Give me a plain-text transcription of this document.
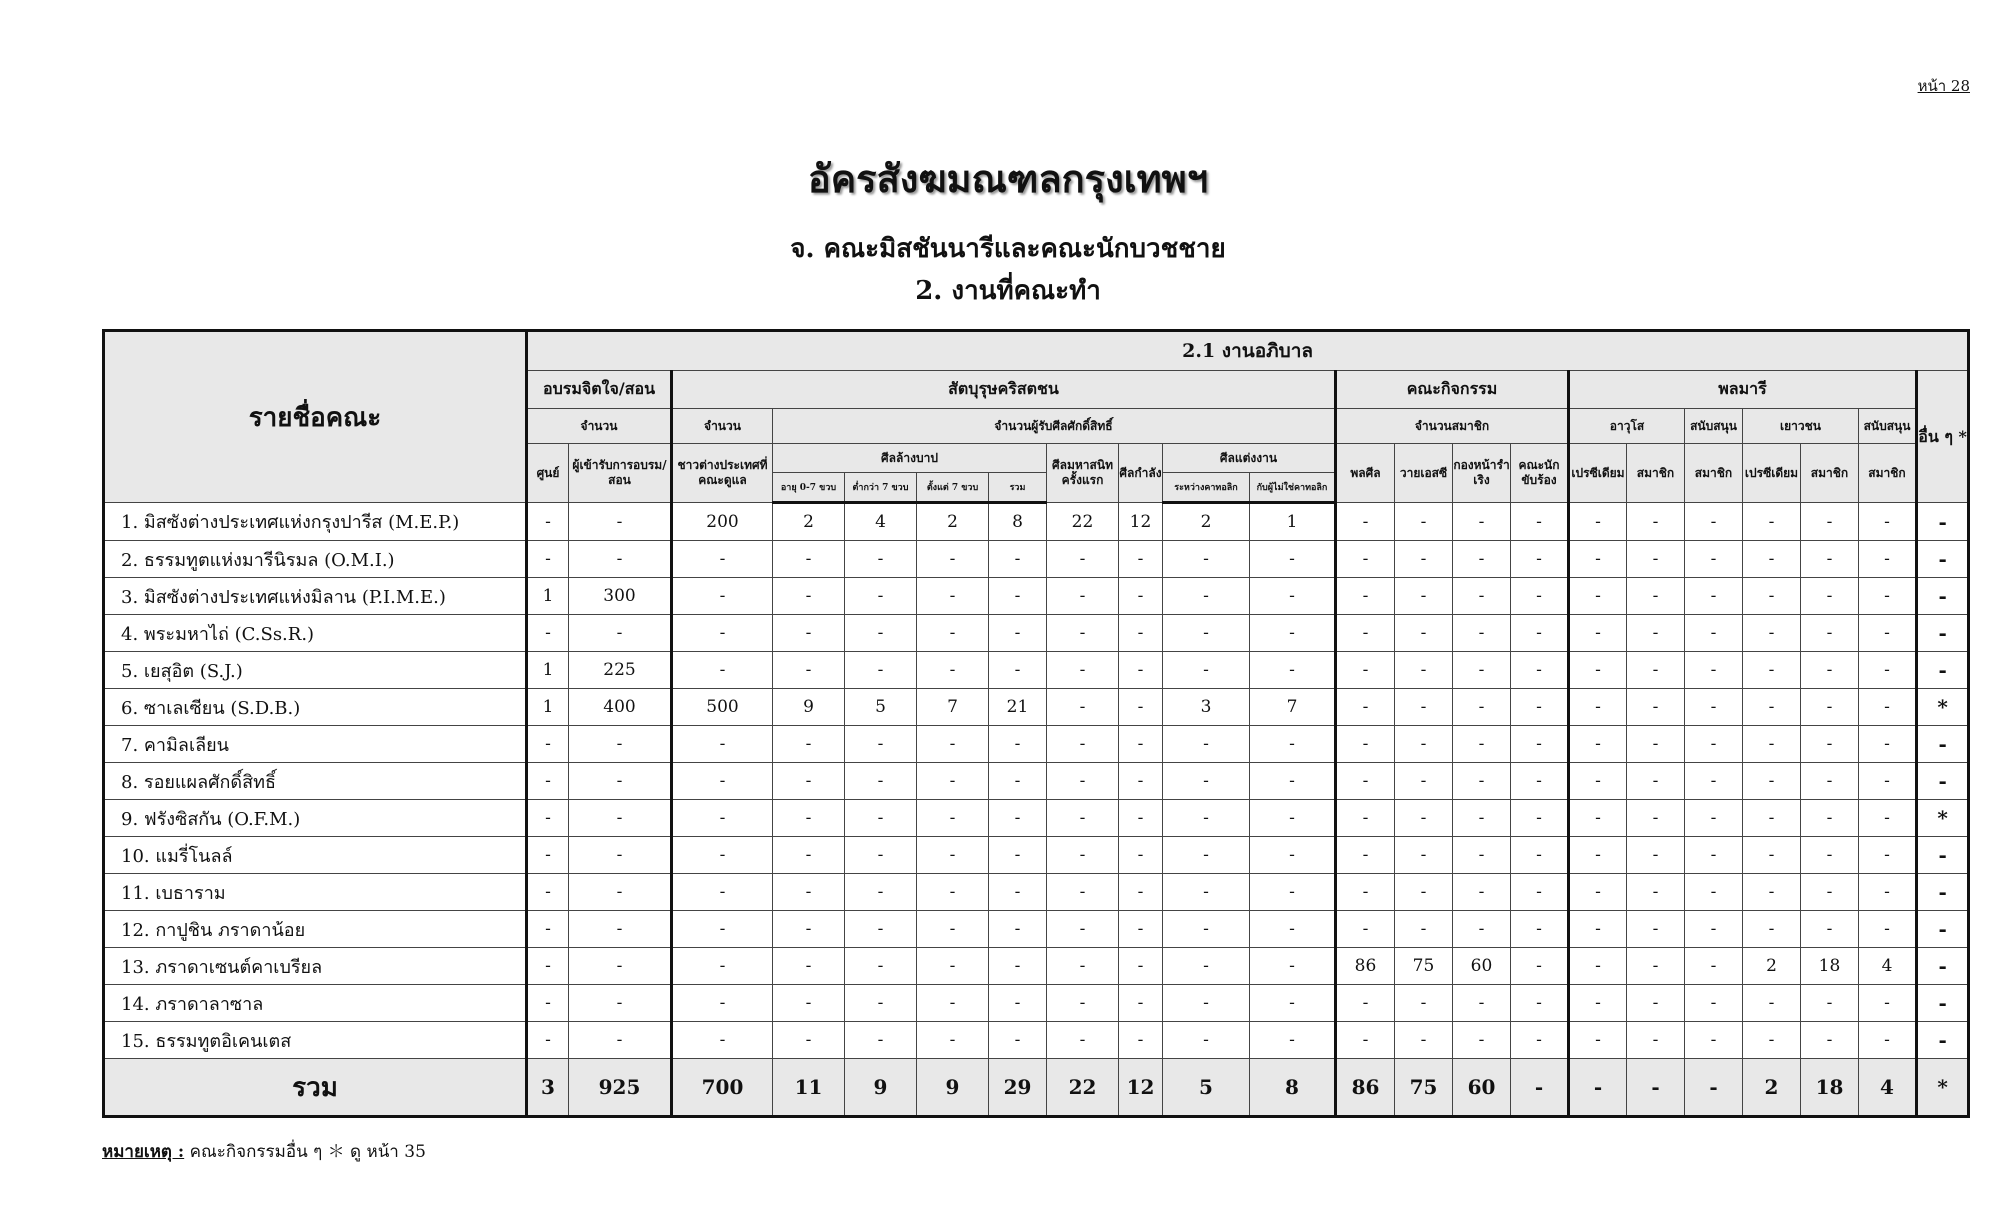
หน้า 28
อัครสังฆมณฑลกรุงเทพฯ
จ. คณะมิสชันนารีและคณะนักบวชชาย
2. งานที่คณะทำ
รายชื่อคณะ	2.1 งานอภิบาล																					
	อบรมจิตใจ/สอน		สัตบุรุษคริสตชน									คณะกิจกรรม				พลมารี						อื่น ๆ *
	จำนวน		จำนวน	จำนวนผู้รับศีลศักดิ์สิทธิ์								จำนวนสมาชิก				อาวุโส		สนับสนุน	เยาวชน		สนับสนุน	
	ศูนย์	ผู้เข้ารับการอบรม/สอน	ชาวต่างประเทศที่คณะดูแล	ศีลล้างบาป				ศีลมหาสนิทครั้งแรก	ศีลกำลัง	ศีลแต่งงาน		พลศีล	วายเอสซี	กองหน้ารำเริง	คณะนักขับร้อง	เปรซีเดียม	สมาชิก	สมาชิก	เปรซีเดียม	สมาชิก	สมาชิก	
				อายุ 0-7 ขวบ	ต่ำกว่า 7 ขวบ	ตั้งแต่ 7 ขวบ	รวม			ระหว่างคาทอลิก	กับผู้ไม่ใช่คาทอลิก											
1. มิสซังต่างประเทศแห่งกรุงปารีส (M.E.P.)	-	-	200	2	4	2	8	22	12	2	1	-	-	-	-	-	-	-	-	-	-	-
2. ธรรมทูตแห่งมารีนิรมล (O.M.I.)	-	-	-	-	-	-	-	-	-	-	-	-	-	-	-	-	-	-	-	-	-	-
3. มิสซังต่างประเทศแห่งมิลาน (P.I.M.E.)	1	300	-	-	-	-	-	-	-	-	-	-	-	-	-	-	-	-	-	-	-	-
4. พระมหาไถ่ (C.Ss.R.)	-	-	-	-	-	-	-	-	-	-	-	-	-	-	-	-	-	-	-	-	-	-
5. เยสุอิต (S.J.)	1	225	-	-	-	-	-	-	-	-	-	-	-	-	-	-	-	-	-	-	-	-
6. ซาเลเซียน (S.D.B.)	1	400	500	9	5	7	21	-	-	3	7	-	-	-	-	-	-	-	-	-	-	*
7. คามิลเลียน	-	-	-	-	-	-	-	-	-	-	-	-	-	-	-	-	-	-	-	-	-	-
8. รอยแผลศักดิ์สิทธิ์	-	-	-	-	-	-	-	-	-	-	-	-	-	-	-	-	-	-	-	-	-	-
9. ฟรังซิสกัน (O.F.M.)	-	-	-	-	-	-	-	-	-	-	-	-	-	-	-	-	-	-	-	-	-	*
10. แมรี่โนลล์	-	-	-	-	-	-	-	-	-	-	-	-	-	-	-	-	-	-	-	-	-	-
11. เบธาราม	-	-	-	-	-	-	-	-	-	-	-	-	-	-	-	-	-	-	-	-	-	-
12. กาปูชิน ภราดาน้อย	-	-	-	-	-	-	-	-	-	-	-	-	-	-	-	-	-	-	-	-	-	-
13. ภราดาเซนต์คาเบรียล	-	-	-	-	-	-	-	-	-	-	-	86	75	60	-	-	-	-	2	18	4	-
14. ภราดาลาซาล	-	-	-	-	-	-	-	-	-	-	-	-	-	-	-	-	-	-	-	-	-	-
15. ธรรมทูตอิเคนเตส	-	-	-	-	-	-	-	-	-	-	-	-	-	-	-	-	-	-	-	-	-	-
รวม	3	925	700	11	9	9	29	22	12	5	8	86	75	60	-	-	-	-	2	18	4	*
หมายเหตุ : คณะกิจกรรมอื่น ๆ ＊ ดู หน้า 35
